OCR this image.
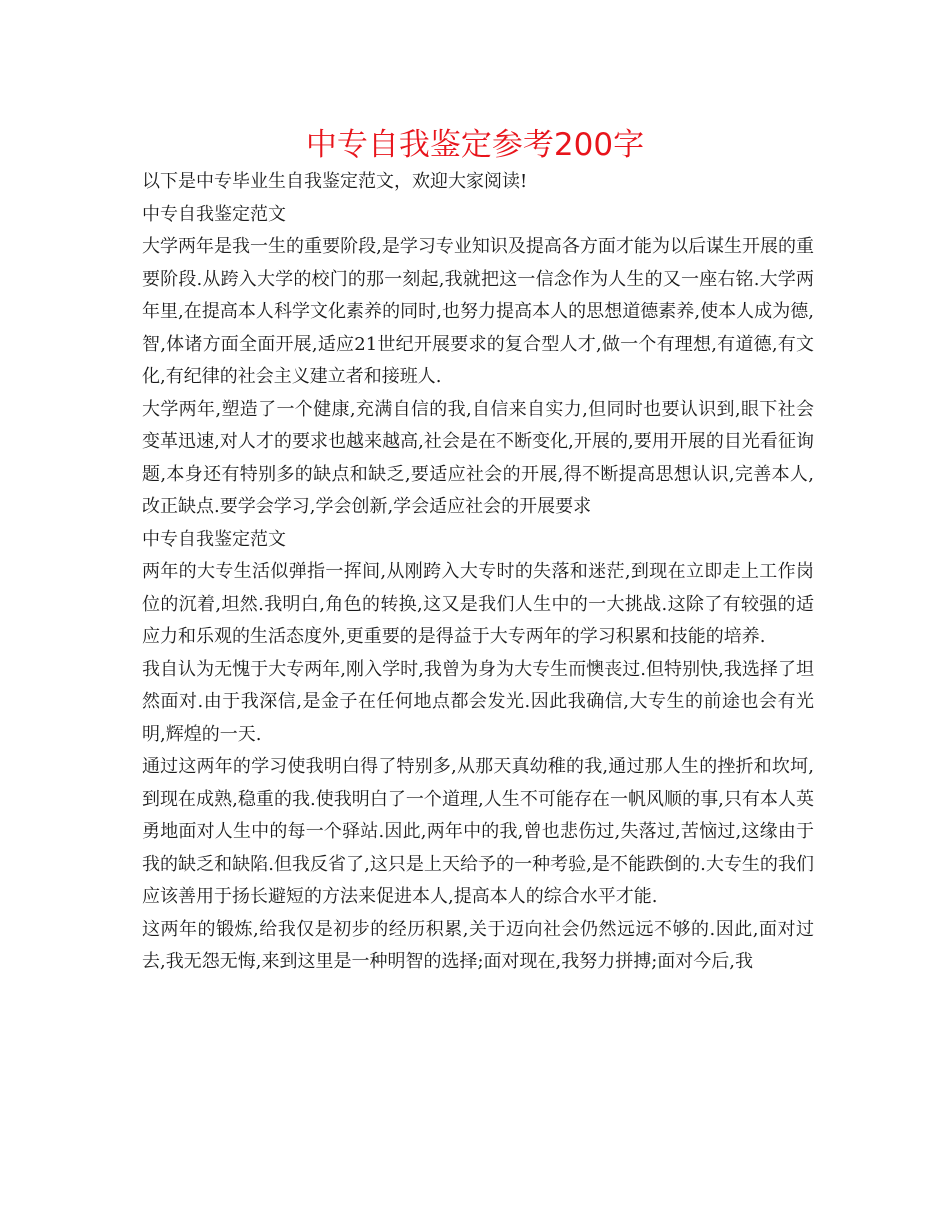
中专自我鉴定参考200字

以下是中专毕业生自我鉴定范文，欢迎大家阅读!

中专自我鉴定范文

大学两年是我一生的重要阶段,是学习专业知识及提高各方面才能为以后谋生开展的重要阶段.从跨入大学的校门的那一刻起,我就把这一信念作为人生的又一座右铭.大学两年里,在提高本人科学文化素养的同时,也努力提高本人的思想道德素养,使本人成为德,智,体诸方面全面开展,适应21世纪开展要求的复合型人才,做一个有理想,有道德,有文化,有纪律的社会主义建立者和接班人.

大学两年,塑造了一个健康,充满自信的我,自信来自实力,但同时也要认识到,眼下社会变革迅速,对人才的要求也越来越高,社会是在不断变化,开展的,要用开展的目光看征询题,本身还有特别多的缺点和缺乏,要适应社会的开展,得不断提高思想认识,完善本人,改正缺点.要学会学习,学会创新,学会适应社会的开展要求

中专自我鉴定范文

两年的大专生活似弹指一挥间,从刚跨入大专时的失落和迷茫,到现在立即走上工作岗位的沉着,坦然.我明白,角色的转换,这又是我们人生中的一大挑战.这除了有较强的适应力和乐观的生活态度外,更重要的是得益于大专两年的学习积累和技能的培养.

我自认为无愧于大专两年,刚入学时,我曾为身为大专生而懊丧过.但特别快,我选择了坦然面对.由于我深信,是金子在任何地点都会发光.因此我确信,大专生的前途也会有光明,辉煌的一天.

通过这两年的学习使我明白得了特别多,从那天真幼稚的我,通过那人生的挫折和坎坷,到现在成熟,稳重的我.使我明白了一个道理,人生不可能存在一帆风顺的事,只有本人英勇地面对人生中的每一个驿站.因此,两年中的我,曾也悲伤过,失落过,苦恼过,这缘由于我的缺乏和缺陷.但我反省了,这只是上天给予的一种考验,是不能跌倒的.大专生的我们应该善用于扬长避短的方法来促进本人,提高本人的综合水平才能.

这两年的锻炼,给我仅是初步的经历积累,关于迈向社会仍然远远不够的.因此,面对过去,我无怨无悔,来到这里是一种明智的选择;面对现在,我努力拼搏;面对今后,我
